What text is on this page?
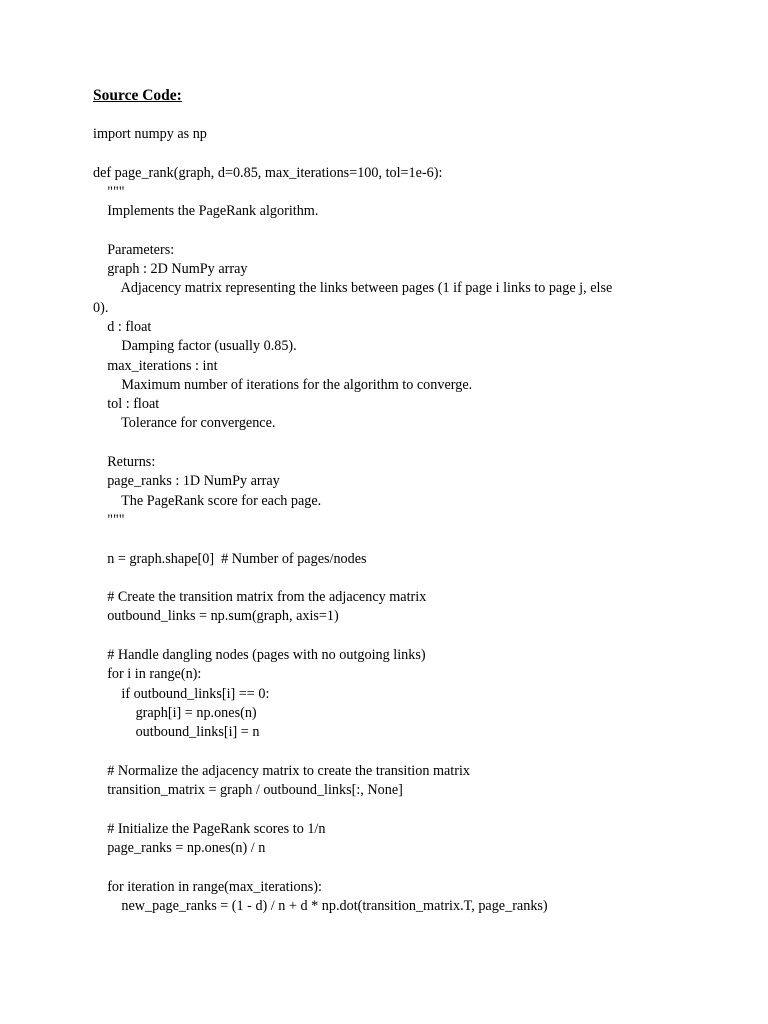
Source Code:
import numpy as np
def page_rank(graph, d=0.85, max_iterations=100, tol=1e-6):
"""
Implements the PageRank algorithm.
Parameters:
graph : 2D NumPy array
Adjacency matrix representing the links between pages (1 if page i links to page j, else
0).
d : float
Damping factor (usually 0.85).
max_iterations : int
Maximum number of iterations for the algorithm to converge.
tol : float
Tolerance for convergence.
Returns:
page_ranks : 1D NumPy array
The PageRank score for each page.
"""
n = graph.shape[0]  # Number of pages/nodes
# Create the transition matrix from the adjacency matrix
outbound_links = np.sum(graph, axis=1)
# Handle dangling nodes (pages with no outgoing links)
for i in range(n):
if outbound_links[i] == 0:
graph[i] = np.ones(n)
outbound_links[i] = n
# Normalize the adjacency matrix to create the transition matrix
transition_matrix = graph / outbound_links[:, None]
# Initialize the PageRank scores to 1/n
page_ranks = np.ones(n) / n
for iteration in range(max_iterations):
new_page_ranks = (1 - d) / n + d * np.dot(transition_matrix.T, page_ranks)
